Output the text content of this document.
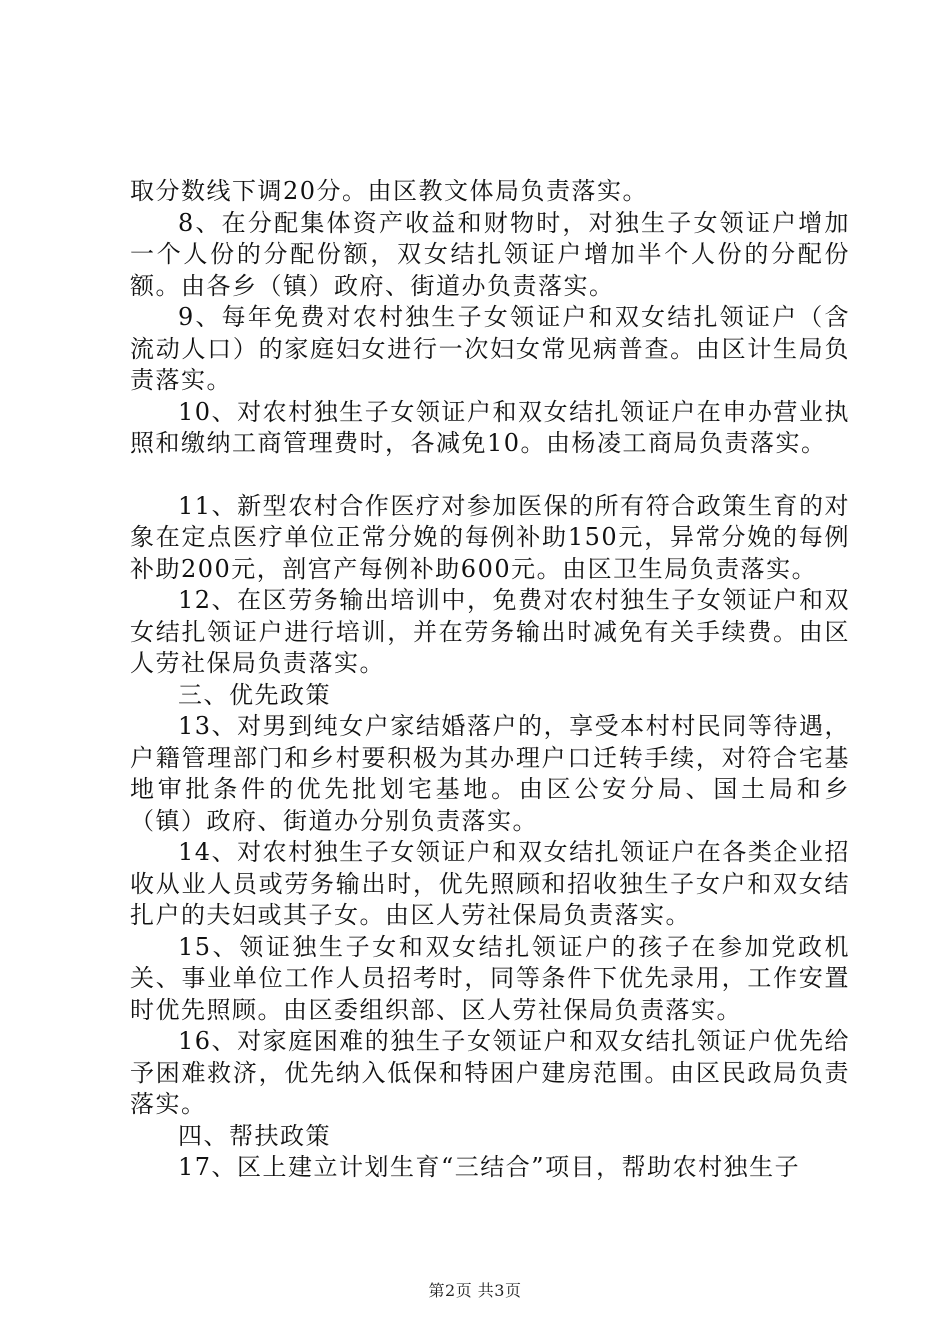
取分数线下调20分。由区教文体局负责落实。

8、在分配集体资产收益和财物时，对独生子女领证户增加一个人份的分配份额，双女结扎领证户增加半个人份的分配份额。由各乡（镇）政府、街道办负责落实。

9、每年免费对农村独生子女领证户和双女结扎领证户（含流动人口）的家庭妇女进行一次妇女常见病普查。由区计生局负责落实。

10、对农村独生子女领证户和双女结扎领证户在申办营业执照和缴纳工商管理费时，各减免10。由杨凌工商局负责落实。

11、新型农村合作医疗对参加医保的所有符合政策生育的对象在定点医疗单位正常分娩的每例补助150元，异常分娩的每例补助200元，剖宫产每例补助600元。由区卫生局负责落实。

12、在区劳务输出培训中，免费对农村独生子女领证户和双女结扎领证户进行培训，并在劳务输出时减免有关手续费。由区人劳社保局负责落实。

三、优先政策

13、对男到纯女户家结婚落户的，享受本村村民同等待遇，户籍管理部门和乡村要积极为其办理户口迁转手续，对符合宅基地审批条件的优先批划宅基地。由区公安分局、国土局和乡（镇）政府、街道办分别负责落实。

14、对农村独生子女领证户和双女结扎领证户在各类企业招收从业人员或劳务输出时，优先照顾和招收独生子女户和双女结扎户的夫妇或其子女。由区人劳社保局负责落实。

15、领证独生子女和双女结扎领证户的孩子在参加党政机关、事业单位工作人员招考时，同等条件下优先录用，工作安置时优先照顾。由区委组织部、区人劳社保局负责落实。

16、对家庭困难的独生子女领证户和双女结扎领证户优先给予困难救济，优先纳入低保和特困户建房范围。由区民政局负责落实。

四、帮扶政策

17、区上建立计划生育“三结合”项目，帮助农村独生子

第2页 共3页
